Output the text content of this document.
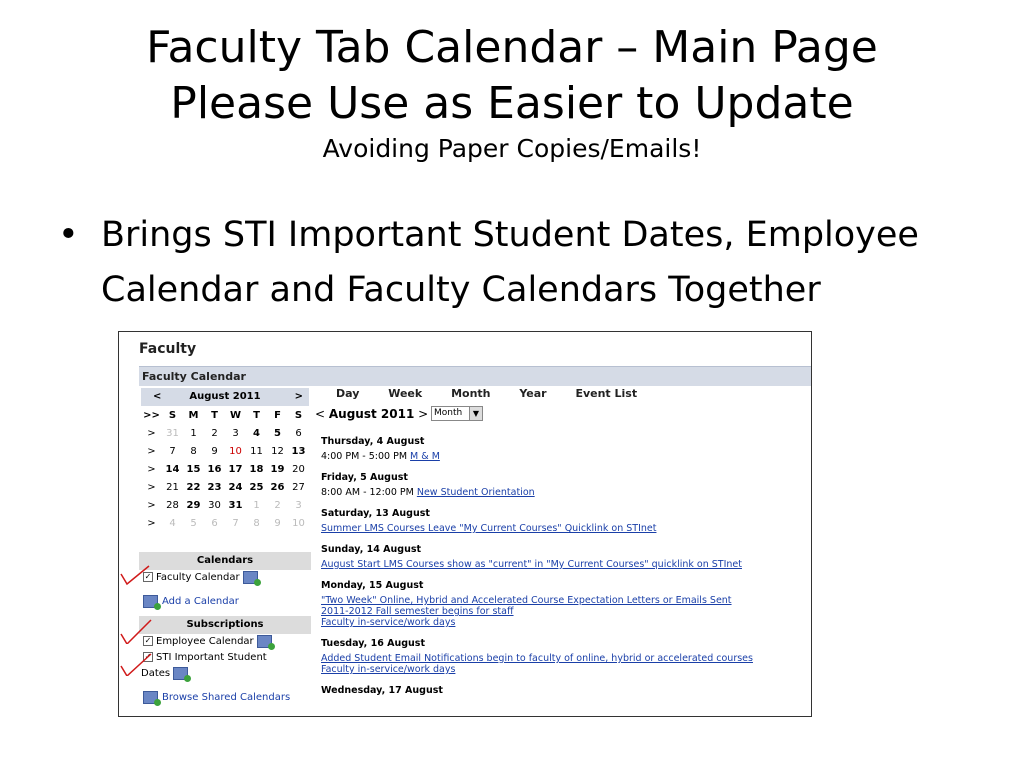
Faculty Tab Calendar – Main Page
Please Use as Easier to Update
Avoiding Paper Copies/Emails!
• Brings STI Important Student Dates, Employee Calendar and Faculty Calendars Together
Faculty
Faculty Calendar
August 2011
<	>
>>	S	M	T	W	T	F	S
>	31	1	2	3	4	5	6
>	7	8	9	10	11	12	13
>	14	15	16	17	18	19	20
>	21	22	23	24	25	26	27
>	28	29	30	31	1	2	3
>	4	5	6	7	8	9	10
Calendars
✓ Faculty Calendar
Add a Calendar
Subscriptions
✓ Employee Calendar
✓ STI Important Student
Dates
Browse Shared Calendars
Day	Week	Month	Year	Event List
< August 2011 > Month	▼
Thursday, 4 August
4:00 PM - 5:00 PM M & M
Friday, 5 August
8:00 AM - 12:00 PM New Student Orientation
Saturday, 13 August
Summer LMS Courses Leave "My Current Courses" Quicklink on STInet
Sunday, 14 August
August Start LMS Courses show as "current" in "My Current Courses" quicklink on STInet
Monday, 15 August
"Two Week" Online, Hybrid and Accelerated Course Expectation Letters or Emails Sent
2011-2012 Fall semester begins for staff
Faculty in-service/work days
Tuesday, 16 August
Added Student Email Notifications begin to faculty of online, hybrid or accelerated courses
Faculty in-service/work days
Wednesday, 17 August
